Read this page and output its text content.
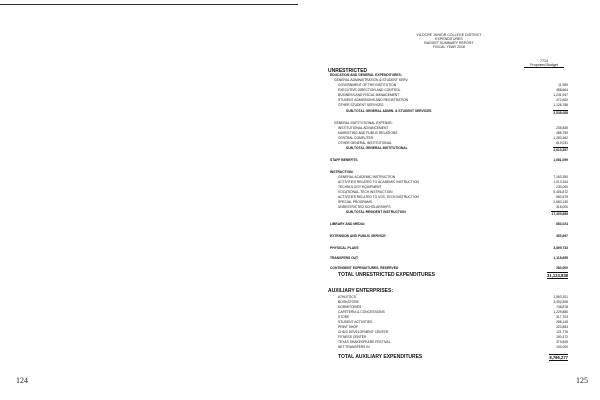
124
VILOCRE JUNIOR COLLEGE DISTRICT
EXPENDITURES
BUDGET SUMMARY REPORT
FISCAL YEAR 2016
7714
Proposed Budget
UNRESTRICTED
EDUCATION AND GENERAL EXPENDITURES:
GENERAL ADMINISTRATION & STUDENT SERV.
GOVERNMENT OF THE INSTITUTION	11,959
EXECUTIVE DIRECTION AND CONTROL	458,664
BUSINESS AND FISCAL MANAGEMENT	1,241,947
STUDENT ADMISSIONS AND REGISTRATION	472,600
OTHER STUDENT SERVICES	1,128,768
SUB-TOTAL GENERAL ADMIN. & STUDENT SERVICES	3,538,088
GENERAL INSTITUTIONAL EXPENSE:
INSTITUTIONAL ADVANCEMENT	235,845
MARKETING AND PUBLIC RELATIONS	488,759
CENTRAL COMPUTER	1,280,362
OTHER GENERAL INSTITUTIONAL	619,031
SUB-TOTAL GENERAL INSTITUTIONAL	2,613,597
STAFF BENEFITS	1,681,099
INSTRUCTION:
GENERAL ACADEMIC INSTRUCTION	7,163,390
ACTIVITIES RELATED TO ACADEMIC INSTRUCTION	1,013,344
TECHNOLOGY EQUIPMENT	230,000
VOCATIONAL-TECH INSTRUCTION	5,406,872
ACTIVITIES RELATED TO VOC-TECH INSTRUCTION	960,579
SPECIAL PROGRAMS	2,680,130
UNRESTRICTED SCHOLARSHIPS	318,000
SUB-TOTAL RESIDENT INSTRUCTION	17,409,685
LIBRARY AND MEDIA:	683,024
EXTENSION AND PUBLIC SERVICE:	353,697
PHYSICAL PLANT:	3,899,733
TRANSFERS OUT	1,118,655
CONTINGENT EXPENDITURES, RESERVED	280,000
TOTAL UNRESTRICTED EXPENDITURES	31,124,838
AUXILIARY ENTERPRISES:
ATHLETICS	1,563,201
BOOKSTORE	3,492,508
DORMITORIES	748,878
CAFETERIA & CONCESSIONS	1,229,880
STORE	317,703
STUDENT ACTIVITIES	288,148
PRINT SHOP	320,853
CHILD DEVELOPMENT CENTER	121,776
FITNESS CENTER	190,472
TEXAS SHAKESPEARE FESTIVAL	379,828
NET TRANSFERS IN	100,000
TOTAL AUXILIARY EXPENDITURES	8,766,277
125
